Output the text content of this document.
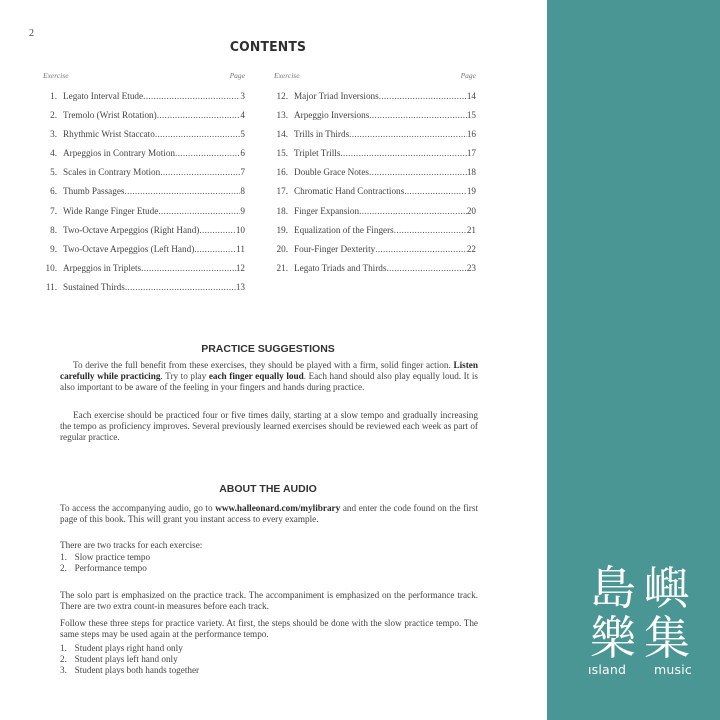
2
CONTENTS
Exercise	Page
1. Legato Interval Etude .....	3
2. Tremolo (Wrist Rotation) .....	4
3. Rhythmic Wrist Staccato .....	5
4. Arpeggios in Contrary Motion .....	6
5. Scales in Contrary Motion .....	7
6. Thumb Passages .....	8
7. Wide Range Finger Etude .....	9
8. Two-Octave Arpeggios (Right Hand) .....	10
9. Two-Octave Arpeggios (Left Hand) .....	11
10. Arpeggios in Triplets .....	12
11. Sustained Thirds .....	13
Exercise	Page
12. Major Triad Inversions .....	14
13. Arpeggio Inversions .....	15
14. Trills in Thirds .....	16
15. Triplet Trills .....	17
16. Double Grace Notes .....	18
17. Chromatic Hand Contractions .....	19
18. Finger Expansion .....	20
19. Equalization of the Fingers .....	21
20. Four-Finger Dexterity .....	22
21. Legato Triads and Thirds .....	23
PRACTICE SUGGESTIONS

To derive the full benefit from these exercises, they should be played with a firm, solid finger action. Listen carefully while practicing. Try to play each finger equally loud. Each hand should also play equally loud. It is also important to be aware of the feeling in your fingers and hands during practice.

Each exercise should be practiced four or five times daily, starting at a slow tempo and gradually increasing the tempo as proficiency improves. Several previously learned exercises should be reviewed each week as part of regular practice.

ABOUT THE AUDIO

To access the accompanying audio, go to www.halleonard.com/mylibrary and enter the code found on the first page of this book. This will grant you instant access to every example.

There are two tracks for each exercise:

1.
Slow practice tempo
2.
Performance tempo

The solo part is emphasized on the practice track. The accompaniment is emphasized on the performance track. There are two extra count-in measures before each track.

Follow these three steps for practice variety. At first, the steps should be done with the slow practice tempo. The same steps may be used again at the performance tempo.

1.
Student plays right hand only
2.
Student plays left hand only
3.
Student plays both hands together
島 嶼
樂 集
ısland music
